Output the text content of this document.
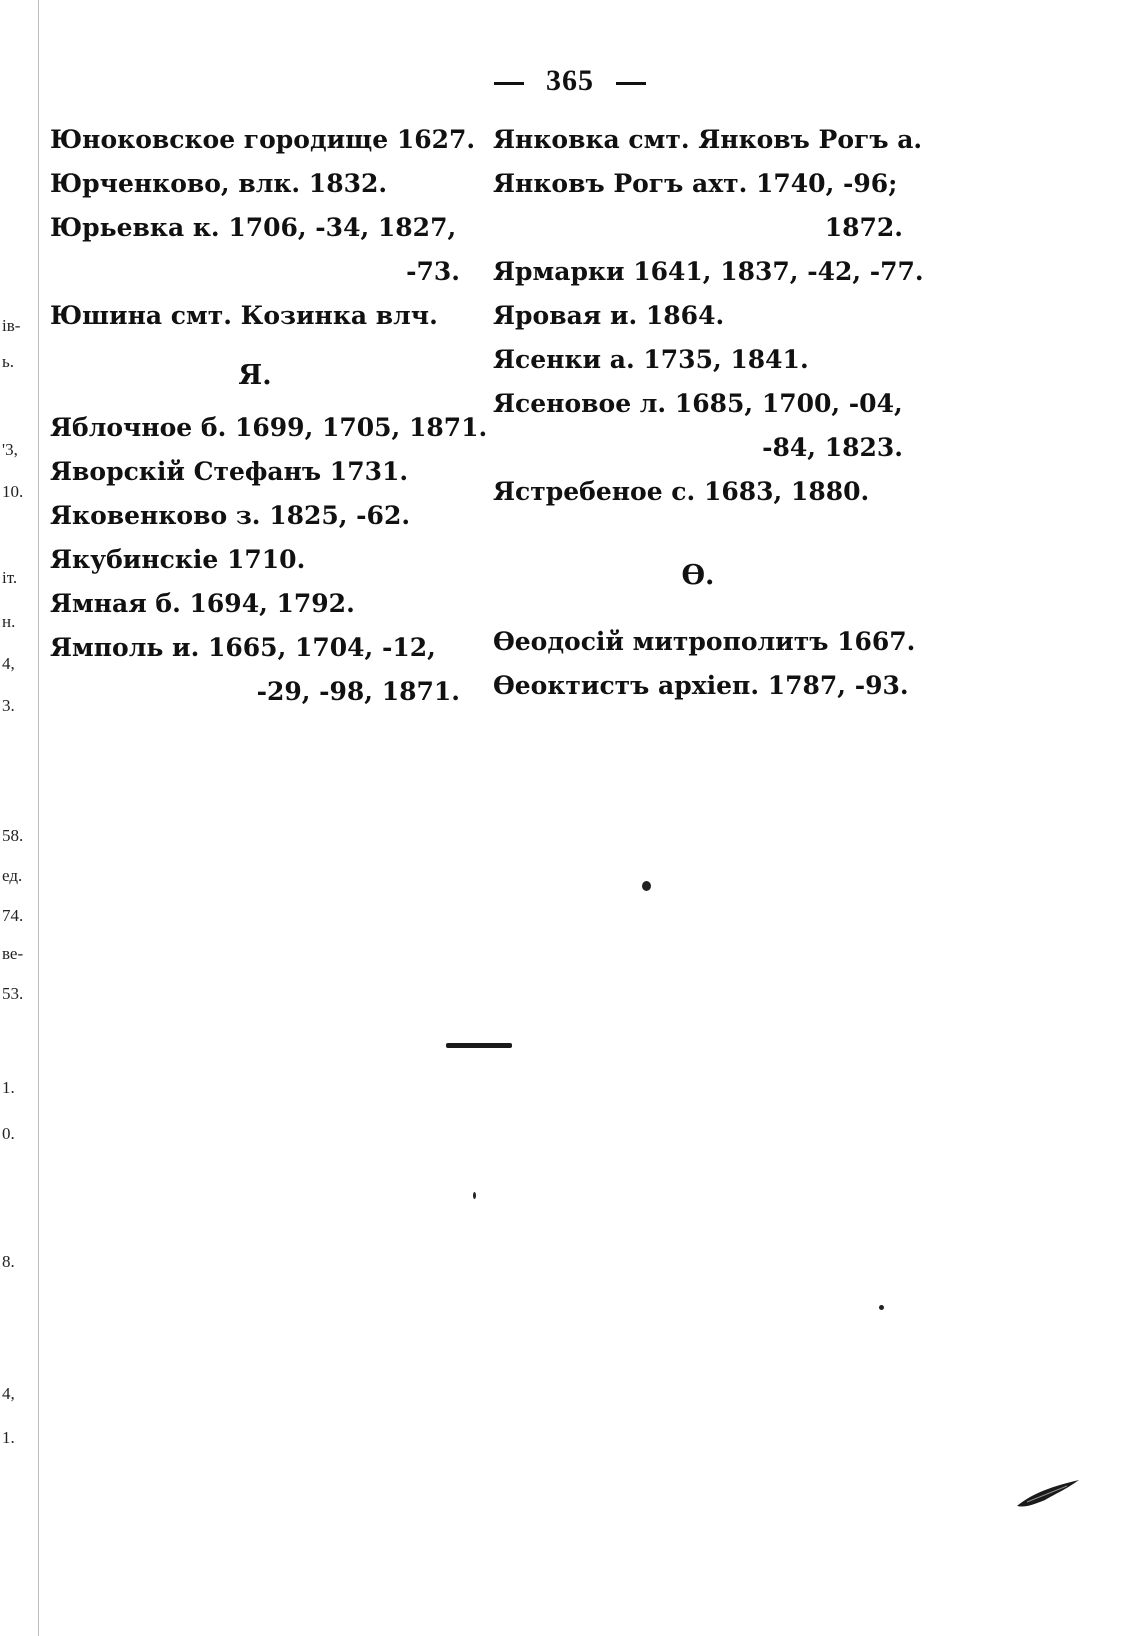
ів-
ь.
'3,
10.
іт.
н.
4,
3.
58.
ед.
74.
ве-
53.
1.
0.
8.
4,
1.
365
Юноковское городище 1627.
Юрченково, влк. 1832.
Юрьевка к. 1706, -34, 1827,
-73.
Юшина смт. Козинка влч.
Я.
Яблочное б. 1699, 1705, 1871.
Яворскій Стефанъ 1731.
Яковенково з. 1825, -62.
Якубинскіе 1710.
Ямная б. 1694, 1792.
Ямполь и. 1665, 1704, -12,
-29, -98, 1871.
Янковка смт. Янковъ Рогъ а.
Янковъ Рогъ ахт. 1740, -96;
1872.
Ярмарки 1641, 1837, -42, -77.
Яровая и. 1864.
Ясенки а. 1735, 1841.
Ясеновое л. 1685, 1700, -04,
-84, 1823.
Ястребеное с. 1683, 1880.
Ѳ.
Ѳеодосій митрополитъ 1667.
Ѳеоктистъ архіеп. 1787, -93.
